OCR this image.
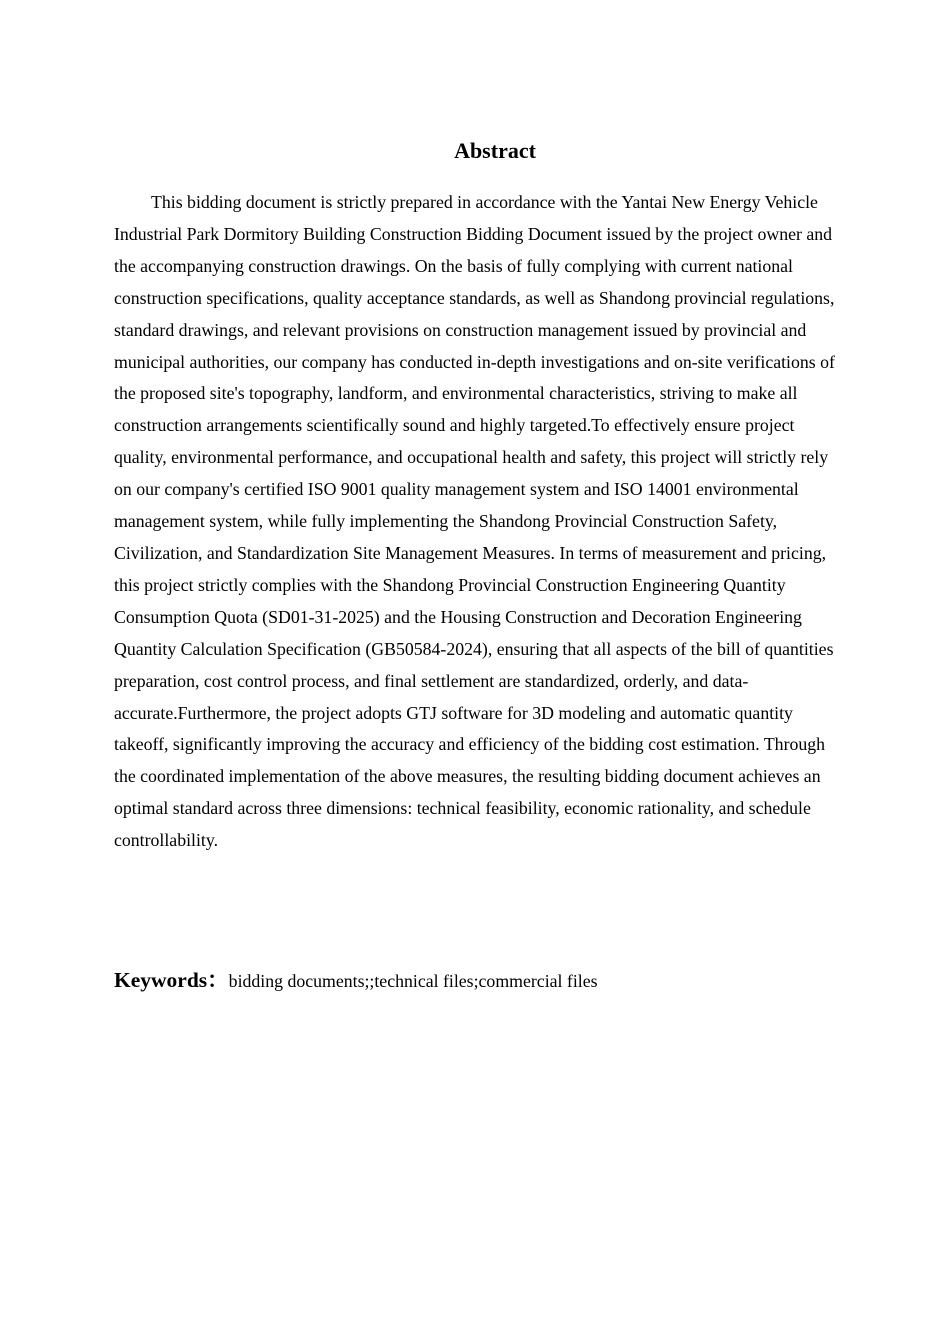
Abstract

This bidding document is strictly prepared in accordance with the Yantai New Energy Vehicle Industrial Park Dormitory Building Construction Bidding Document issued by the project owner and the accompanying construction drawings. On the basis of fully complying with current national construction specifications, quality acceptance standards, as well as Shandong provincial regulations, standard drawings, and relevant provisions on construction management issued by provincial and municipal authorities, our company has conducted in-depth investigations and on-site verifications of the proposed site's topography, landform, and environmental characteristics, striving to make all construction arrangements scientifically sound and highly targeted.To effectively ensure project quality, environmental performance, and occupational health and safety, this project will strictly rely on our company's certified ISO 9001 quality management system and ISO 14001 environmental management system, while fully implementing the Shandong Provincial Construction Safety, Civilization, and Standardization Site Management Measures. In terms of measurement and pricing, this project strictly complies with the Shandong Provincial Construction Engineering Quantity Consumption Quota (SD01-31-2025) and the Housing Construction and Decoration Engineering Quantity Calculation Specification (GB50584-2024), ensuring that all aspects of the bill of quantities preparation, cost control process, and final settlement are standardized, orderly, and data-accurate.Furthermore, the project adopts GTJ software for 3D modeling and automatic quantity takeoff, significantly improving the accuracy and efficiency of the bidding cost estimation. Through the coordinated implementation of the above measures, the resulting bidding document achieves an optimal standard across three dimensions: technical feasibility, economic rationality, and schedule controllability.

Keywords：bidding documents;;technical files;commercial files
